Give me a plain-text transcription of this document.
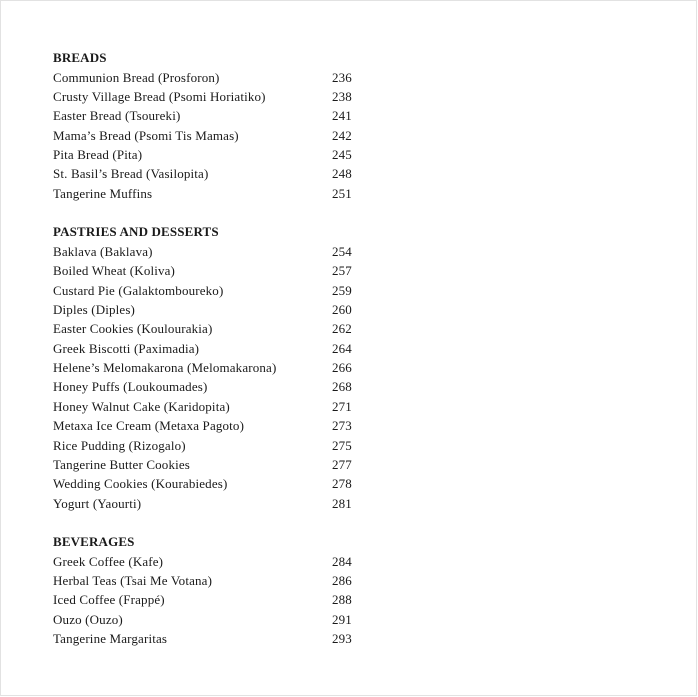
BREADS
Communion Bread (Prosforon)	236
Crusty Village Bread (Psomi Horiatiko)	238
Easter Bread (Tsoureki)	241
Mama’s Bread (Psomi Tis Mamas)	242
Pita Bread (Pita)	245
St. Basil’s Bread (Vasilopita)	248
Tangerine Muffins	251
PASTRIES AND DESSERTS
Baklava (Baklava)	254
Boiled Wheat (Koliva)	257
Custard Pie (Galaktomboureko)	259
Diples (Diples)	260
Easter Cookies (Koulourakia)	262
Greek Biscotti (Paximadia)	264
Helene’s Melomakarona (Melomakarona)	266
Honey Puffs (Loukoumades)	268
Honey Walnut Cake (Karidopita)	271
Metaxa Ice Cream (Metaxa Pagoto)	273
Rice Pudding (Rizogalo)	275
Tangerine Butter Cookies	277
Wedding Cookies (Kourabiedes)	278
Yogurt (Yaourti)	281
BEVERAGES
Greek Coffee (Kafe)	284
Herbal Teas (Tsai Me Votana)	286
Iced Coffee (Frappé)	288
Ouzo (Ouzo)	291
Tangerine Margaritas	293
